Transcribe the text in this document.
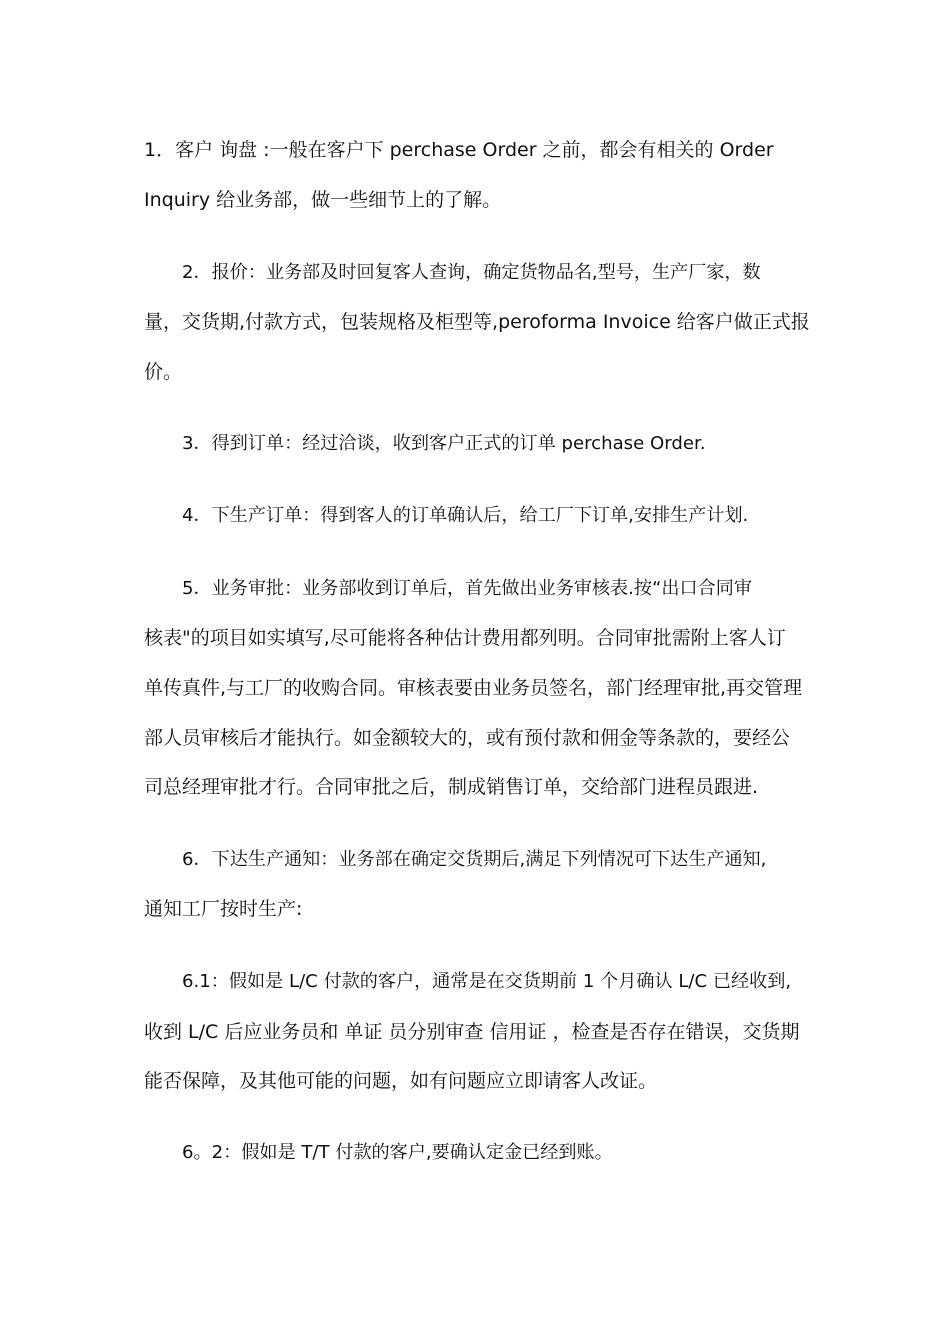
1．客户 询盘 :一般在客户下 perchase Order 之前，都会有相关的 Order
Inquiry 给业务部，做一些细节上的了解。
2．报价：业务部及时回复客人查询，确定货物品名,型号，生产厂家，数
量，交货期,付款方式，包装规格及柜型等,peroforma Invoice 给客户做正式报
价。
3．得到订单：经过洽谈，收到客户正式的订单 perchase Order.
4．下生产订单：得到客人的订单确认后，给工厂下订单,安排生产计划.
5．业务审批：业务部收到订单后，首先做出业务审核表.按“出口合同审
核表"的项目如实填写,尽可能将各种估计费用都列明。合同审批需附上客人订
单传真件,与工厂的收购合同。审核表要由业务员签名，部门经理审批,再交管理
部人员审核后才能执行。如金额较大的，或有预付款和佣金等条款的，要经公
司总经理审批才行。合同审批之后，制成销售订单，交给部门进程员跟进.
6．下达生产通知：业务部在确定交货期后,满足下列情况可下达生产通知,
通知工厂按时生产:
6.1：假如是 L/C 付款的客户，通常是在交货期前 1 个月确认 L/C 已经收到,
收到 L/C 后应业务员和 单证 员分别审查 信用证 ，检查是否存在错误，交货期
能否保障，及其他可能的问题，如有问题应立即请客人改证。
6。2：假如是 T/T 付款的客户,要确认定金已经到账。
